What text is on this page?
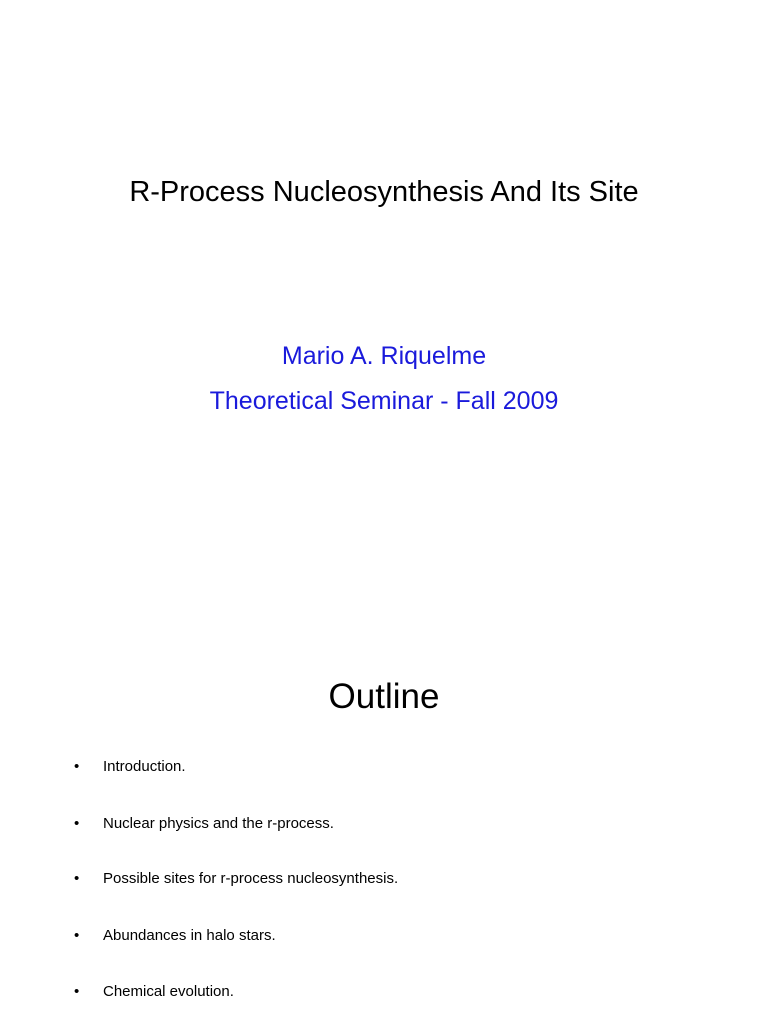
R-Process Nucleosynthesis And Its Site
Mario A. Riquelme
Theoretical Seminar - Fall 2009
Outline
• Introduction.
• Nuclear physics and the r-process.
• Possible sites for r-process nucleosynthesis.
• Abundances in halo stars.
• Chemical evolution.
